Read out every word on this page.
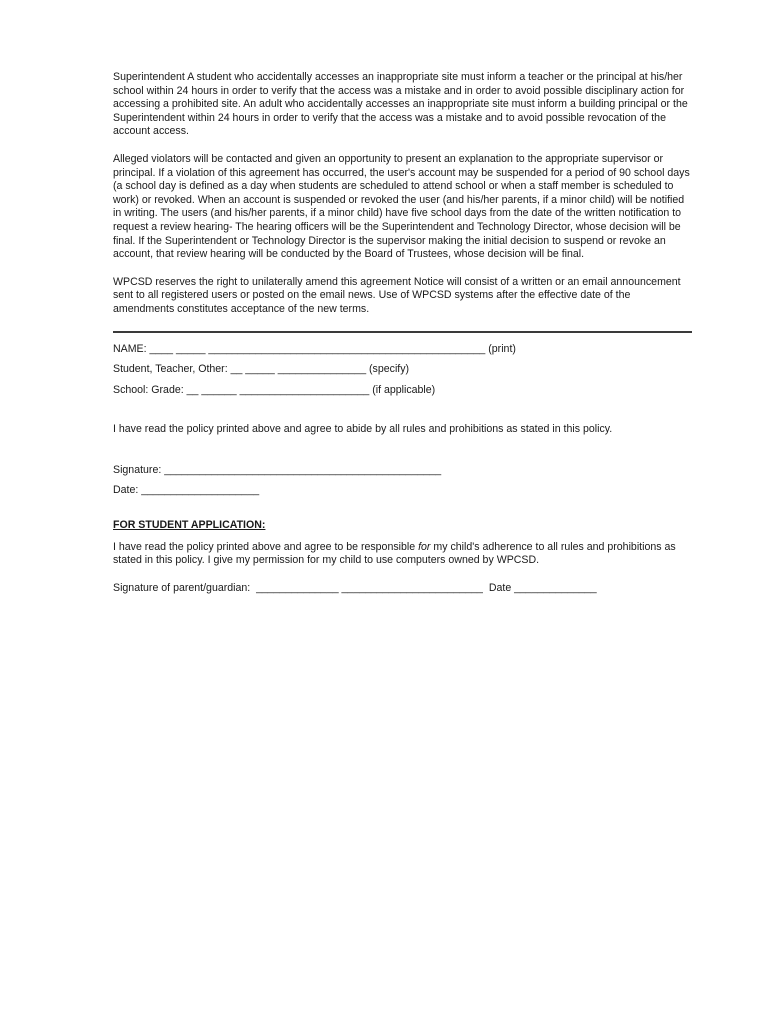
Superintendent A student who accidentally accesses an inappropriate site must inform a teacher or the principal at his/her school within 24 hours in order to verify that the access was a mistake and in order to avoid possible disciplinary action for accessing a prohibited site. An adult who accidentally accesses an inappropriate site must inform a building principal or the Superintendent within 24 hours in order to verify that the access was a mistake and to avoid possible revocation of the account access.

Alleged violators will be contacted and given an opportunity to present an explanation to the appropriate supervisor or principal. If a violation of this agreement has occurred, the user's account may be suspended for a period of 90 school days (a school day is defined as a day when students are scheduled to attend school or when a staff member is scheduled to work) or revoked. When an account is suspended or revoked the user (and his/her parents, if a minor child) will be notified in writing. The users (and his/her parents, if a minor child) have five school days from the date of the written notification to request a review hearing- The hearing officers will be the Superintendent and Technology Director, whose decision will be final. If the Superintendent or Technology Director is the supervisor making the initial decision to suspend or revoke an account, that review hearing will be conducted by the Board of Trustees, whose decision will be final.

WPCSD reserves the right to unilaterally amend this agreement Notice will consist of a written or an email announcement sent to all registered users or posted on the email news. Use of WPCSD systems after the effective date of the amendments constitutes acceptance of the new terms.

NAME: ____ _____ _______________________________________________ (print)
Student, Teacher, Other: __ _____ _______________ (specify)
School: Grade: __ ______ ______________________ (if applicable)

I have read the policy printed above and agree to abide by all rules and prohibitions as stated in this policy.

Signature: _______________________________________________
Date: ____________________
FOR STUDENT APPLICATION:

I have read the policy printed above and agree to be responsible for my child's adherence to all rules and prohibitions as stated in this policy. I give my permission for my child to use computers owned by WPCSD.

Signature of parent/guardian:  ______________ ________________________  Date ______________
